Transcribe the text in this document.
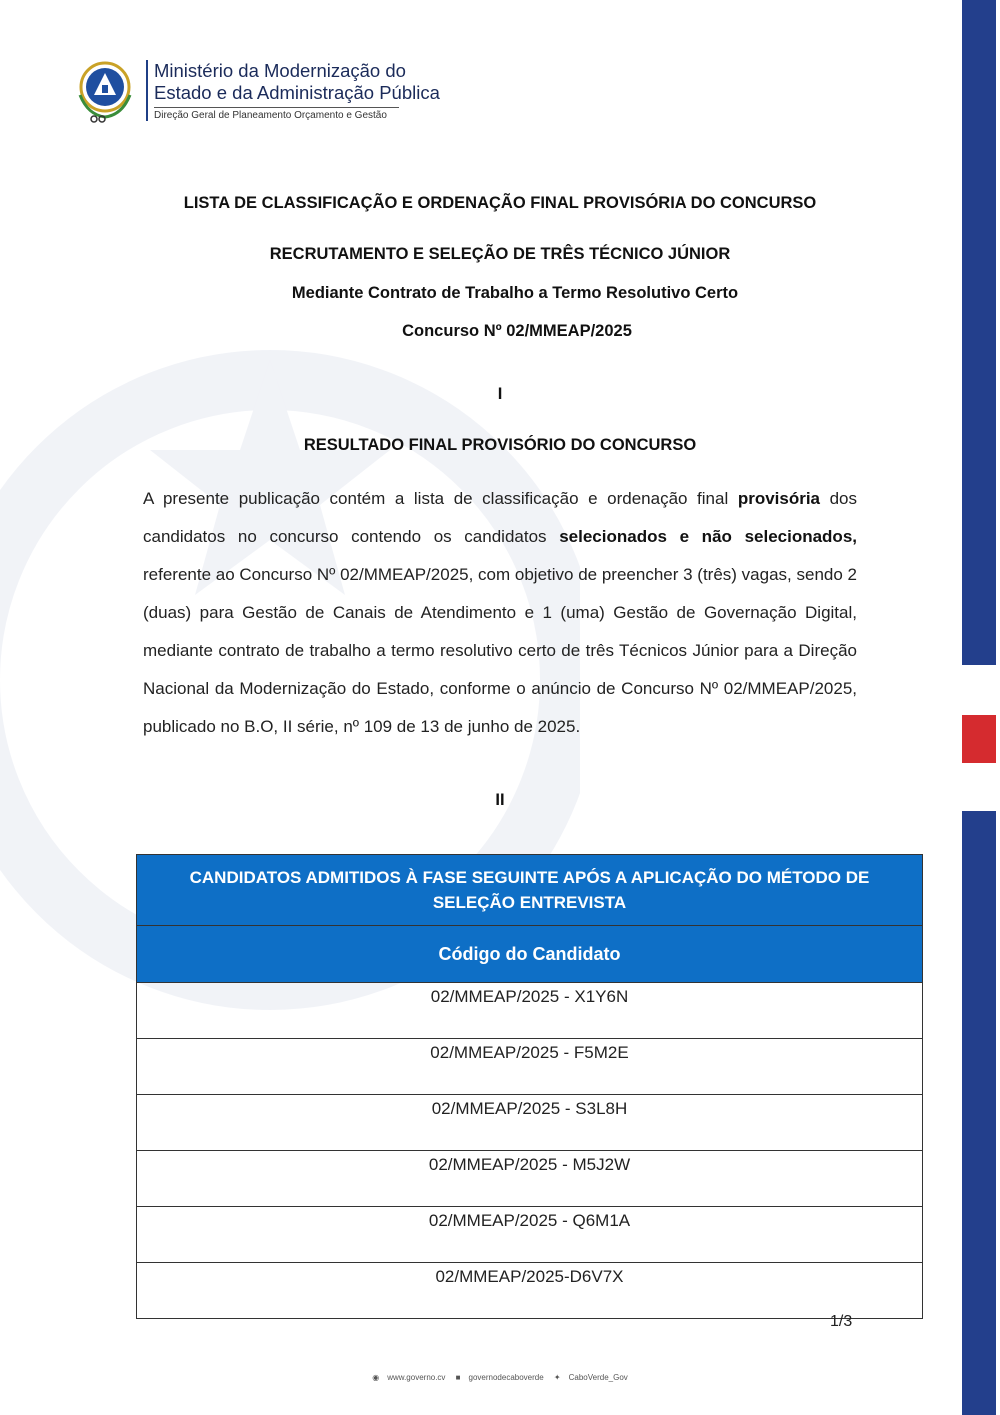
Ministério da Modernização do
Estado e da Administração Pública
Direção Geral de Planeamento Orçamento e Gestão
LISTA DE CLASSIFICAÇÃO E ORDENAÇÃO FINAL PROVISÓRIA DO CONCURSO
RECRUTAMENTO E SELEÇÃO DE TRÊS TÉCNICO JÚNIOR
Mediante Contrato de Trabalho a Termo Resolutivo Certo
Concurso Nº 02/MMEAP/2025
I
RESULTADO FINAL PROVISÓRIO DO CONCURSO
A presente publicação contém a lista de classificação e ordenação final provisória dos candidatos no concurso contendo os candidatos selecionados e não selecionados, referente ao Concurso Nº 02/MMEAP/2025, com objetivo de preencher 3 (três) vagas, sendo 2 (duas) para Gestão de Canais de Atendimento e 1 (uma) Gestão de Governação Digital, mediante contrato de trabalho a termo resolutivo certo de três Técnicos Júnior para a Direção Nacional da Modernização do Estado, conforme o anúncio de Concurso Nº 02/MMEAP/2025, publicado no B.O, II série, nº 109 de 13 de junho de 2025.
II
CANDIDATOS ADMITIDOS À FASE SEGUINTE APÓS A APLICAÇÃO DO MÉTODO DE SELEÇÃO ENTREVISTA
Código do Candidato
02/MMEAP/2025 - X1Y6N
02/MMEAP/2025 - F5M2E
02/MMEAP/2025 - S3L8H
02/MMEAP/2025 - M5J2W
02/MMEAP/2025 - Q6M1A
02/MMEAP/2025-D6V7X
1/3
◉ www.governo.cv ■ governodecaboverde ✦ CaboVerde_Gov
